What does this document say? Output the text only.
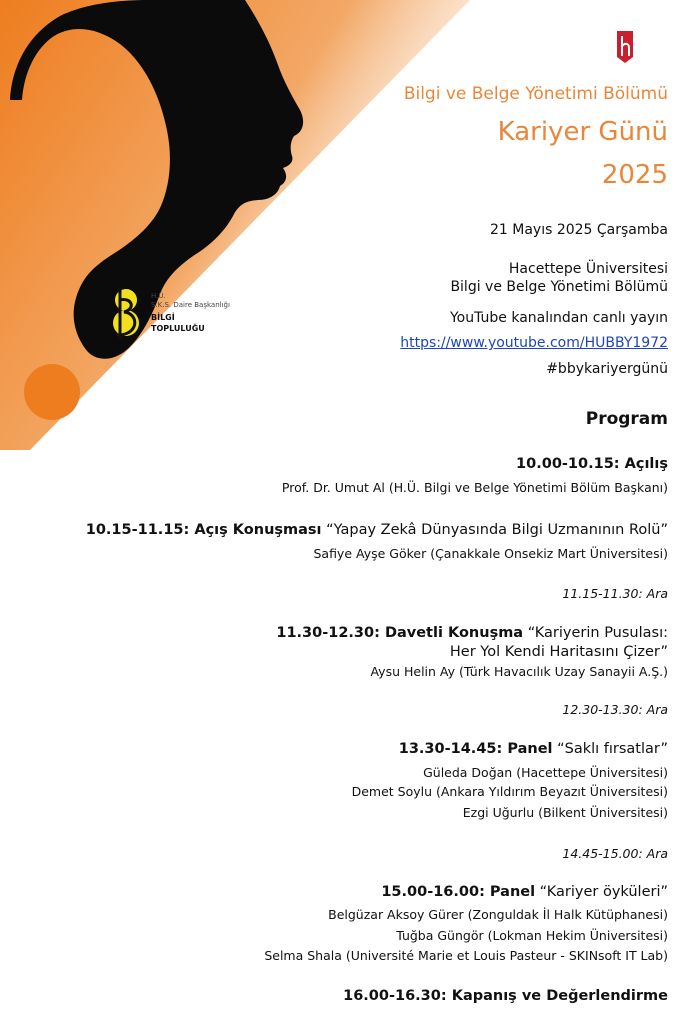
H.Ü.
S.K.S. Daire Başkanlığı
BİLGİ
TOPLULUĞU
Bilgi ve Belge Yönetimi Bölümü
Kariyer Günü
2025
21 Mayıs 2025 Çarşamba
Hacettepe Üniversitesi
Bilgi ve Belge Yönetimi Bölümü
YouTube kanalından canlı yayın
https://www.youtube.com/HUBBY1972
#bbykariyergünü
Program
10.00-10.15: Açılış
Prof. Dr. Umut Al (H.Ü. Bilgi ve Belge Yönetimi Bölüm Başkanı)
10.15-11.15: Açış Konuşması “Yapay Zekâ Dünyasında Bilgi Uzmanının Rolü”
Safiye Ayşe Göker (Çanakkale Onsekiz Mart Üniversitesi)
11.15-11.30: Ara
11.30-12.30: Davetli Konuşma “Kariyerin Pusulası:
Her Yol Kendi Haritasını Çizer”
Aysu Helin Ay (Türk Havacılık Uzay Sanayii A.Ş.)
12.30-13.30: Ara
13.30-14.45: Panel “Saklı fırsatlar”
Güleda Doğan (Hacettepe Üniversitesi)
Demet Soylu (Ankara Yıldırım Beyazıt Üniversitesi)
Ezgi Uğurlu (Bilkent Üniversitesi)
14.45-15.00: Ara
15.00-16.00: Panel “Kariyer öyküleri”
Belgüzar Aksoy Gürer (Zonguldak İl Halk Kütüphanesi)
Tuğba Güngör (Lokman Hekim Üniversitesi)
Selma Shala (Université Marie et Louis Pasteur - SKINsoft IT Lab)
16.00-16.30: Kapanış ve Değerlendirme
